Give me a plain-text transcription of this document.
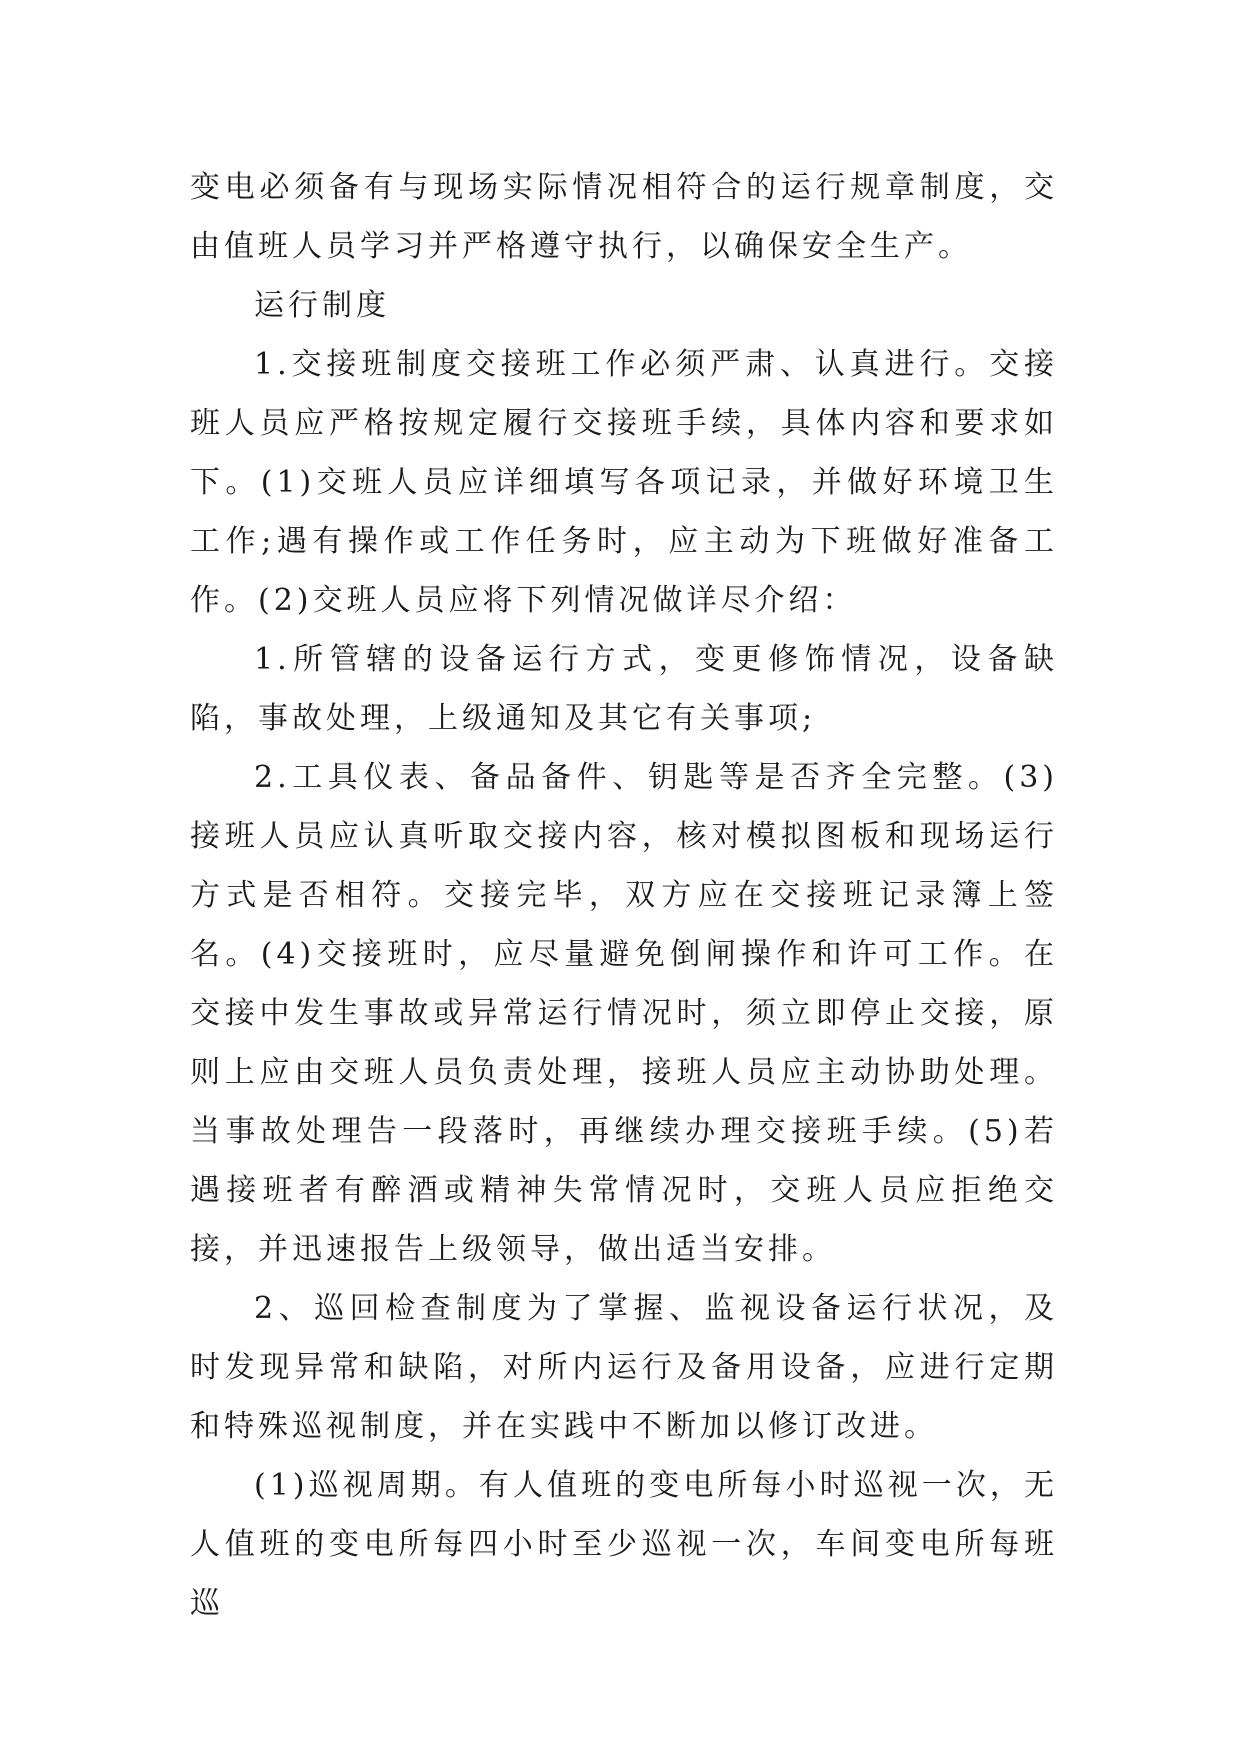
变电必须备有与现场实际情况相符合的运行规章制度，交由值班人员学习并严格遵守执行，以确保安全生产。

运行制度

1.交接班制度交接班工作必须严肃、认真进行。交接班人员应严格按规定履行交接班手续，具体内容和要求如下。(1)交班人员应详细填写各项记录，并做好环境卫生工作;遇有操作或工作任务时，应主动为下班做好准备工作。(2)交班人员应将下列情况做详尽介绍：

1.所管辖的设备运行方式，变更修饰情况，设备缺陷，事故处理，上级通知及其它有关事项;

2.工具仪表、备品备件、钥匙等是否齐全完整。(3)接班人员应认真听取交接内容，核对模拟图板和现场运行方式是否相符。交接完毕，双方应在交接班记录簿上签名。(4)交接班时，应尽量避免倒闸操作和许可工作。在交接中发生事故或异常运行情况时，须立即停止交接，原则上应由交班人员负责处理，接班人员应主动协助处理。当事故处理告一段落时，再继续办理交接班手续。(5)若遇接班者有醉酒或精神失常情况时，交班人员应拒绝交接，并迅速报告上级领导，做出适当安排。

2、巡回检查制度为了掌握、监视设备运行状况，及时发现异常和缺陷，对所内运行及备用设备，应进行定期和特殊巡视制度，并在实践中不断加以修订改进。

(1)巡视周期。有人值班的变电所每小时巡视一次，无人值班的变电所每四小时至少巡视一次，车间变电所每班巡
